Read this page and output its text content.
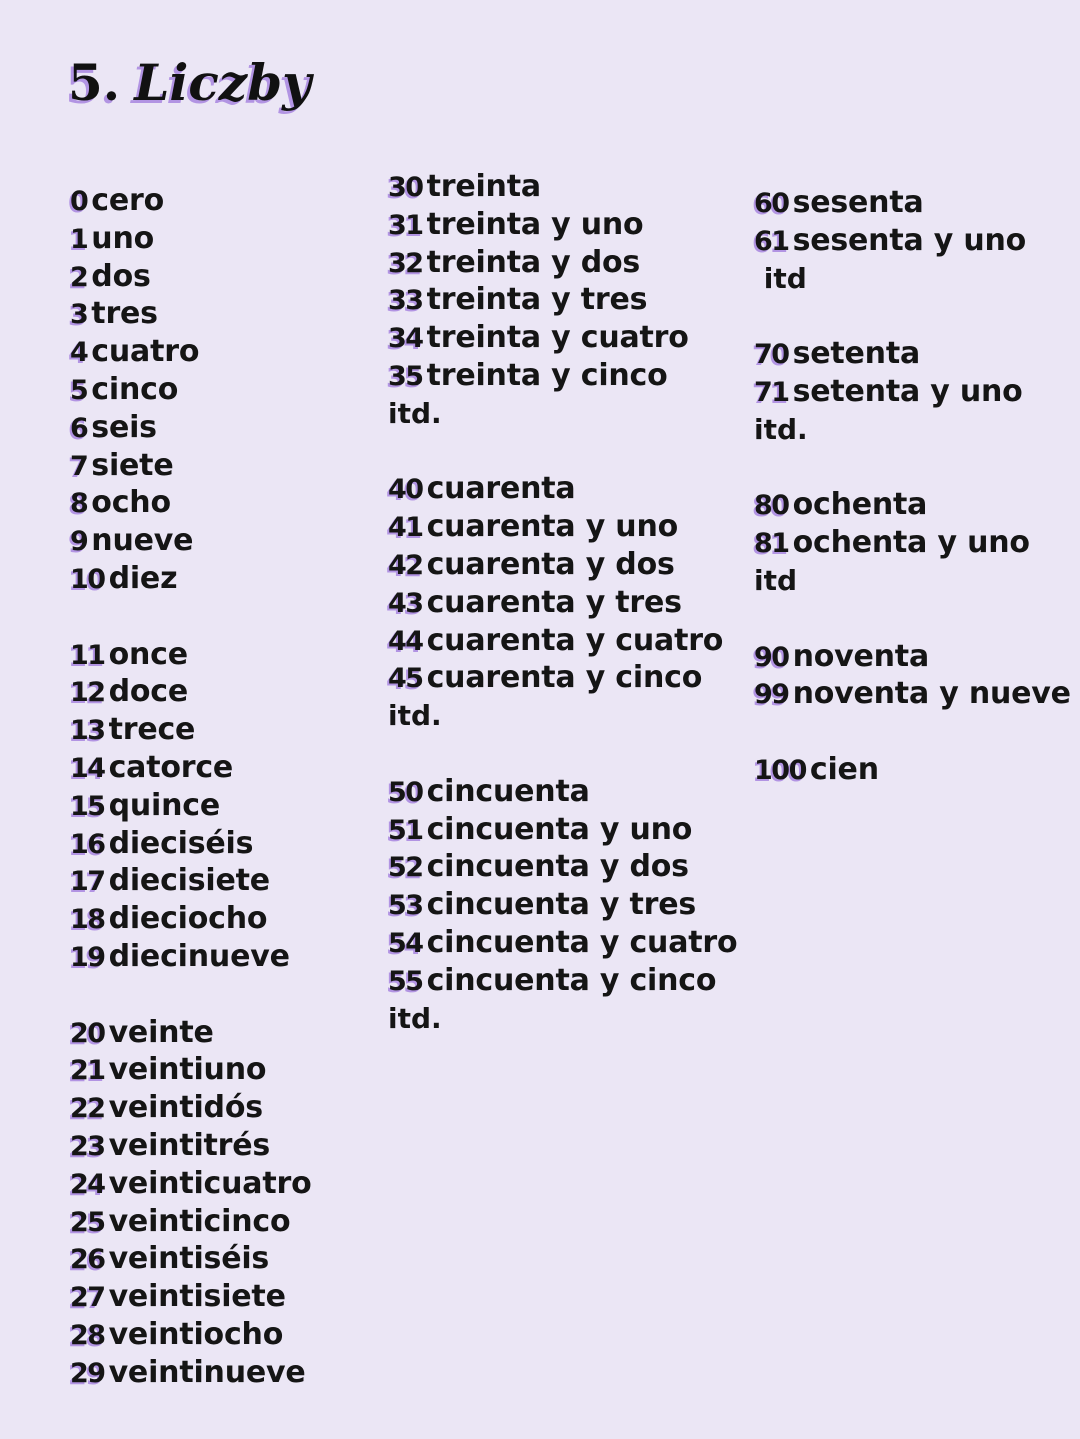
5. Liczby
0 cero
1 uno
2 dos
3 tres
4 cuatro
5 cinco
6 seis
7 siete
8 ocho
9 nueve
10 diez
11 once
12 doce
13 trece
14 catorce
15 quince
16 dieciséis
17 diecisiete
18 dieciocho
19 diecinueve
20 veinte
21 veintiuno
22 veintidós
23 veintitrés
24 veinticuatro
25 veinticinco
26 veintiséis
27 veintisiete
28 veintiocho
29 veintinueve
30 treinta
31 treinta y uno
32 treinta y dos
33 treinta y tres
34 treinta y cuatro
35 treinta y cinco
itd.
40 cuarenta
41 cuarenta y uno
42 cuarenta y dos
43 cuarenta y tres
44 cuarenta y cuatro
45 cuarenta y cinco
itd.
50 cincuenta
51 cincuenta y uno
52 cincuenta y dos
53 cincuenta y tres
54 cincuenta y cuatro
55 cincuenta y cinco
itd.
60 sesenta
61 sesenta y uno
itd
70 setenta
71 setenta y uno
itd.
80 ochenta
81 ochenta y uno
itd
90 noventa
99 noventa y nueve
100 cien
